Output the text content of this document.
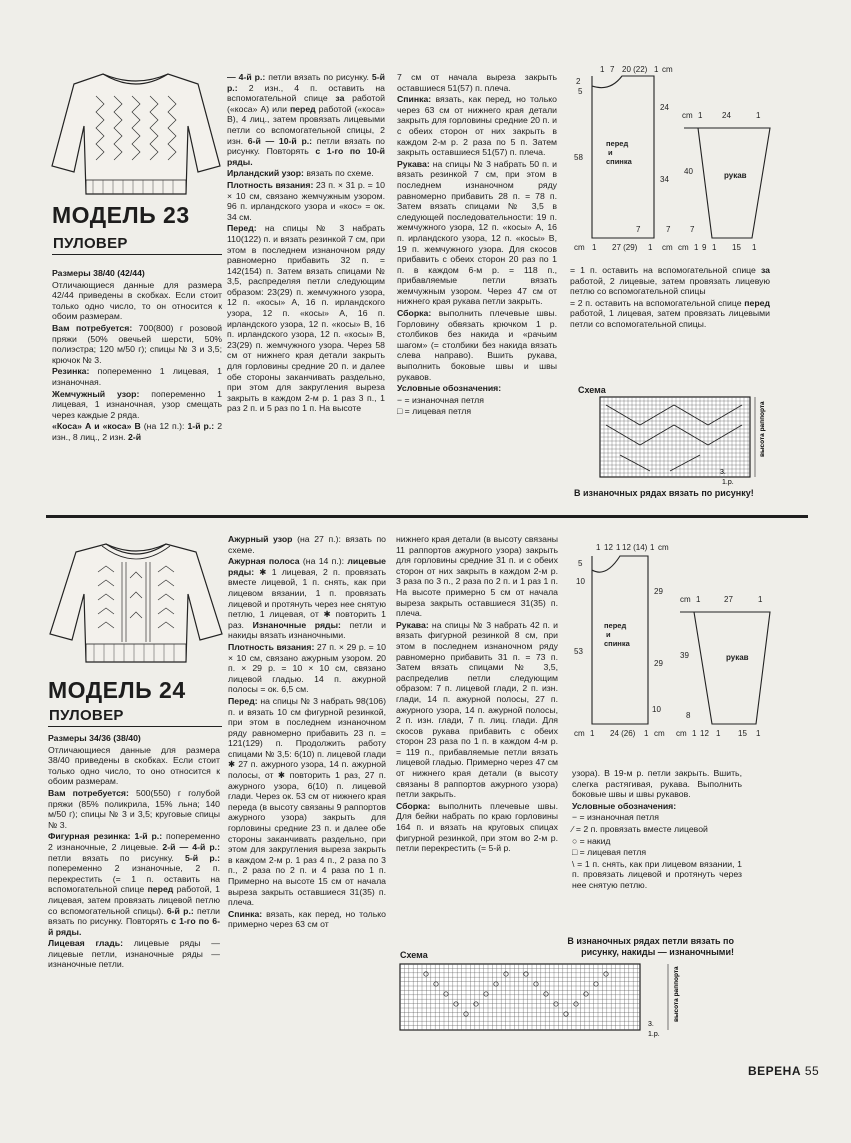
МОДЕЛЬ 23
ПУЛОВЕР

Размеры 38/40 (42/44)

Отличающиеся данные для размера 42/44 приведены в скобках. Если стоит только одно число, то он относится к обоим размерам.

Вам потребуется: 700(800) г розовой пряжи (50% овечьей шерсти, 50% полиэстра; 120 м/50 г); спицы № 3 и 3,5; крючок № 3.

Резинка: попеременно 1 лицевая, 1 изнаночная.

Жемчужный узор: попеременно 1 лицевая, 1 изнаночная, узор смещать через каждые 2 ряда.

«Коса» А и «коса» В (на 12 п.): 1-й р.: 2 изн., 8 лиц., 2 изн. 2-й

— 4-й р.: петли вязать по рисунку. 5-й р.: 2 изн., 4 п. оставить на вспомогательной спице за работой («коса» А) или перед работой («коса» В), 4 лиц., затем провязать лицевыми петли со вспомогательной спицы, 2 изн. 6-й — 10-й р.: петли вязать по рисунку. Повторять с 1-го по 10-й ряды.

Ирландский узор: вязать по схеме.

Плотность вязания: 23 п. × 31 р. = 10 × 10 см, связано жемчужным узором. 96 п. ирландского узора и «кос» = ок. 34 см.

Перед: на спицы № 3 набрать 110(122) п. и вязать резинкой 7 см, при этом в последнем изнаночном ряду равномерно прибавить 32 п. = 142(154) п. Затем вязать спицами № 3,5, распределяя петли следующим образом: 23(29) п. жемчужного узора, 12 п. «косы» А, 16 п. ирландского узора, 12 п. «косы» А, 16 п. ирландского узора, 12 п. «косы» В, 16 п. ирландского узора, 12 п. «косы» В, 23(29) п. жемчужного узора. Через 58 см от нижнего края детали закрыть для горловины средние 20 п. и далее обе стороны заканчивать раздельно, при этом для закругления выреза закрыть в каждом 2-м р. 1 раз 3 п., 1 раз 2 п. и 5 раз по 1 п. На высоте

7 см от начала выреза закрыть оставшиеся 51(57) п. плеча.

Спинка: вязать, как перед, но только через 63 см от нижнего края детали закрыть для горловины средние 20 п. и с обеих сторон от них закрыть в каждом 2-м р. 2 раза по 5 п. Затем закрыть оставшиеся 51(57) п. плеча.

Рукава: на спицы № 3 набрать 50 п. и вязать резинкой 7 см, при этом в последнем изнаночном ряду равномерно прибавить 28 п. = 78 п. Затем вязать спицами № 3,5 в следующей последовательности: 19 п. жемчужного узора, 12 п. «косы» А, 16 п. ирландского узора, 12 п. «косы» В, 19 п. жемчужного узора. Для скосов прибавить с обеих сторон 20 раз по 1 п. в каждом 6-м р. = 118 п., прибавляемые петли вязать жемчужным узором. Через 47 см от нижнего края рукава петли закрыть.

Сборка: выполнить плечевые швы. Горловину обвязать крючком 1 р. столбиков без накида и «рачьим шагом» (= столбики без накида вязать слева направо). Вшить рукава, выполнить боковые швы и швы рукавов.

Условные обозначения:

− = изнаночная петля

□ = лицевая петля

1 7 20 (22) 1 cm
2
5
58
24
34
перед и спинка
7	7
cm 1 27 (29) 1 cm
cm 1 24	1
40	рукав
7
cm 1 9 1 15 1

= 1 п. оставить на вспомогательной спице за работой, 2 лицевые, затем провязать лицевую петлю со вспомогательной спицы

= 2 п. оставить на вспомогательной спице перед работой, 1 лицевая, затем провязать лицевыми петли со вспомогательной спицы.

Схема
3.
1.р.
высота раппорта
В изнаночных рядах вязать по рисунку!
МОДЕЛЬ 24
ПУЛОВЕР

Размеры 34/36 (38/40)

Отличающиеся данные для размера 38/40 приведены в скобках. Если стоит только одно число, то оно относится к обоим размерам.

Вам потребуется: 500(550) г голубой пряжи (85% поликрила, 15% льна; 140 м/50 г); спицы № 3 и 3,5; круговые спицы № 3.

Фигурная резинка: 1-й р.: попеременно 2 изнаночные, 2 лицевые. 2-й — 4-й р.: петли вязать по рисунку. 5-й р.: попеременно 2 изнаночные, 2 п. перекрестить (= 1 п. оставить на вспомогательной спице перед работой, 1 лицевая, затем провязать лицевой петлю со вспомогательной спицы). 6-й р.: петли вязать по рисунку. Повторять с 1-го по 6-й ряды.

Лицевая гладь: лицевые ряды — лицевые петли, изнаночные ряды — изнаночные петли.

Ажурный узор (на 27 п.): вязать по схеме.

Ажурная полоса (на 14 п.): лицевые ряды: ✱ 1 лицевая, 2 п. провязать вместе лицевой, 1 п. снять, как при лицевом вязании, 1 п. провязать лицевой и протянуть через нее снятую петлю, 1 лицевая, от ✱ повторить 1 раз. Изнаночные ряды: петли и накиды вязать изнаночными.

Плотность вязания: 27 п. × 29 р. = 10 × 10 см, связано ажурным узором. 20 п. × 29 р. = 10 × 10 см, связано лицевой гладью. 14 п. ажурной полосы = ок. 6,5 см.

Перед: на спицы № 3 набрать 98(106) п. и вязать 10 см фигурной резинкой, при этом в последнем изнаночном ряду равномерно прибавить 23 п. = 121(129) п. Продолжить работу спицами № 3,5: 6(10) п. лицевой глади ✱ 27 п. ажурного узора, 14 п. ажурной полосы, от ✱ повторить 1 раз, 27 п. ажурного узора, 6(10) п. лицевой глади. Через ок. 53 см от нижнего края переда (в высоту связаны 9 раппортов ажурного узора) закрыть для горловины средние 23 п. и далее обе стороны заканчивать раздельно, при этом для закругления выреза закрыть в каждом 2-м р. 1 раз 4 п., 2 раза по 3 п., 2 раза по 2 п. и 4 раза по 1 п. Примерно на высоте 15 см от начала выреза закрыть оставшиеся 31(35) п. плеча.

Спинка: вязать, как перед, но только примерно через 63 см от

нижнего края детали (в высоту связаны 11 раппортов ажурного узора) закрыть для горловины средние 31 п. и с обеих сторон от них закрыть в каждом 2-м р. 3 раза по 3 п., 2 раза по 2 п. и 1 раз 1 п. На высоте примерно 5 см от начала выреза закрыть оставшиеся 31(35) п. плеча.

Рукава: на спицы № 3 набрать 42 п. и вязать фигурной резинкой 8 см, при этом в последнем изнаночном ряду равномерно прибавить 31 п. = 73 п. Затем вязать спицами № 3,5, распределив петли следующим образом: 7 п. лицевой глади, 2 п. изн. глади, 14 п. ажурной полосы, 27 п. ажурного узора, 14 п. ажурной полосы, 2 п. изн. глади, 7 п. лиц. глади. Для скосов рукава прибавить с обеих сторон 23 раза по 1 п. в каждом 4-м р. = 119 п., прибавляемые петли вязать лицевой гладью. Примерно через 47 см от нижнего края детали (в высоту связаны 8 раппортов ажурного узора) петли закрыть.

Сборка: выполнить плечевые швы. Для бейки набрать по краю горловины 164 п. и вязать на круговых спицах фигурной резинкой, при этом во 2-м р. петли перекрестить (= 5-й р.

1 12 1 12 (14) 1 cm
5
10
53
29
29
10
перед и спинка
cm 1 24 (26) 1 cm
cm 1	27	1
39	рукав
8
cm 1 12 1 15 1

узора). В 19-м р. петли закрыть. Вшить, слегка растягивая, рукава. Выполнить боковые швы и швы рукавов.

Условные обозначения:

− = изнаночная петля

⁄ = 2 п. провязать вместе лицевой

○ = накид

□ = лицевая петля

\ = 1 п. снять, как при лицевом вязании, 1 п. провязать лицевой и протянуть через нее снятую петлю.

В изнаночных рядах петли вязать по рисунку, накиды — изнаночными!
Схема
3.
1.р.
высота раппорта
ВЕРЕНА 55
